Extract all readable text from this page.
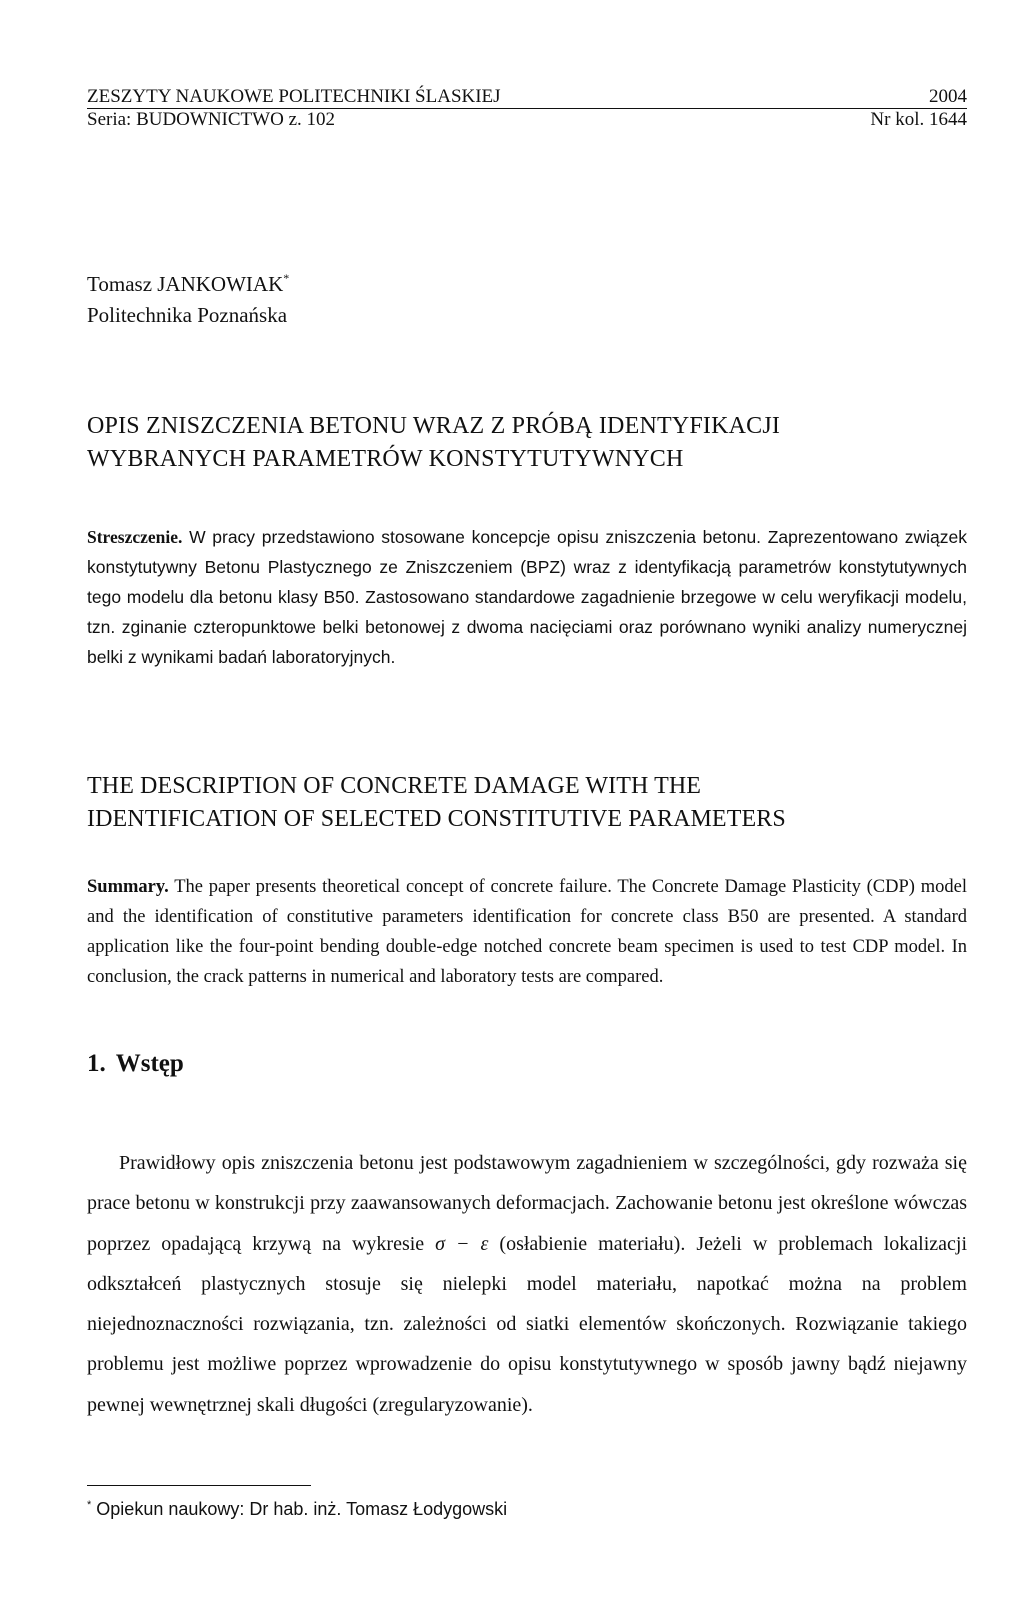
ZESZYTY NAUKOWE POLITECHNIKI ŚLASKIEJ	2004
Seria: BUDOWNICTWO z. 102	Nr kol. 1644
Tomasz JANKOWIAK*
Politechnika Poznańska
OPIS ZNISZCZENIA BETONU WRAZ Z PRÓBĄ IDENTYFIKACJI
WYBRANYCH PARAMETRÓW KONSTYTUTYWNYCH

Streszczenie. W pracy przedstawiono stosowane koncepcje opisu zniszczenia betonu. Zaprezentowano związek konstytutywny Betonu Plastycznego ze Zniszczeniem (BPZ) wraz z identyfikacją parametrów konstytutywnych tego modelu dla betonu klasy B50. Zastosowano standardowe zagadnienie brzegowe w celu weryfikacji modelu, tzn. zginanie czteropunktowe belki betonowej z dwoma nacięciami oraz porównano wyniki analizy numerycznej belki z wynikami badań laboratoryjnych.

THE DESCRIPTION OF CONCRETE DAMAGE WITH THE
IDENTIFICATION OF SELECTED CONSTITUTIVE PARAMETERS

Summary. The paper presents theoretical concept of concrete failure. The Concrete Damage Plasticity (CDP) model and the identification of constitutive parameters identification for concrete class B50 are presented. A standard application like the four-point bending double-edge notched concrete beam specimen is used to test CDP model. In conclusion, the crack patterns in numerical and laboratory tests are compared.

1. Wstęp

Prawidłowy opis zniszczenia betonu jest podstawowym zagadnieniem w szczególności, gdy rozważa się prace betonu w konstrukcji przy zaawansowanych deformacjach. Zachowanie betonu jest określone wówczas poprzez opadającą krzywą na wykresie σ − ε (osłabienie materiału). Jeżeli w problemach lokalizacji odkształceń plastycznych stosuje się nielepki model materiału, napotkać można na problem niejednoznaczności rozwiązania, tzn. zależności od siatki elementów skończonych. Rozwiązanie takiego problemu jest możliwe poprzez wprowadzenie do opisu konstytutywnego w sposób jawny bądź niejawny pewnej wewnętrznej skali długości (zregularyzowanie).

* Opiekun naukowy: Dr hab. inż. Tomasz Łodygowski
